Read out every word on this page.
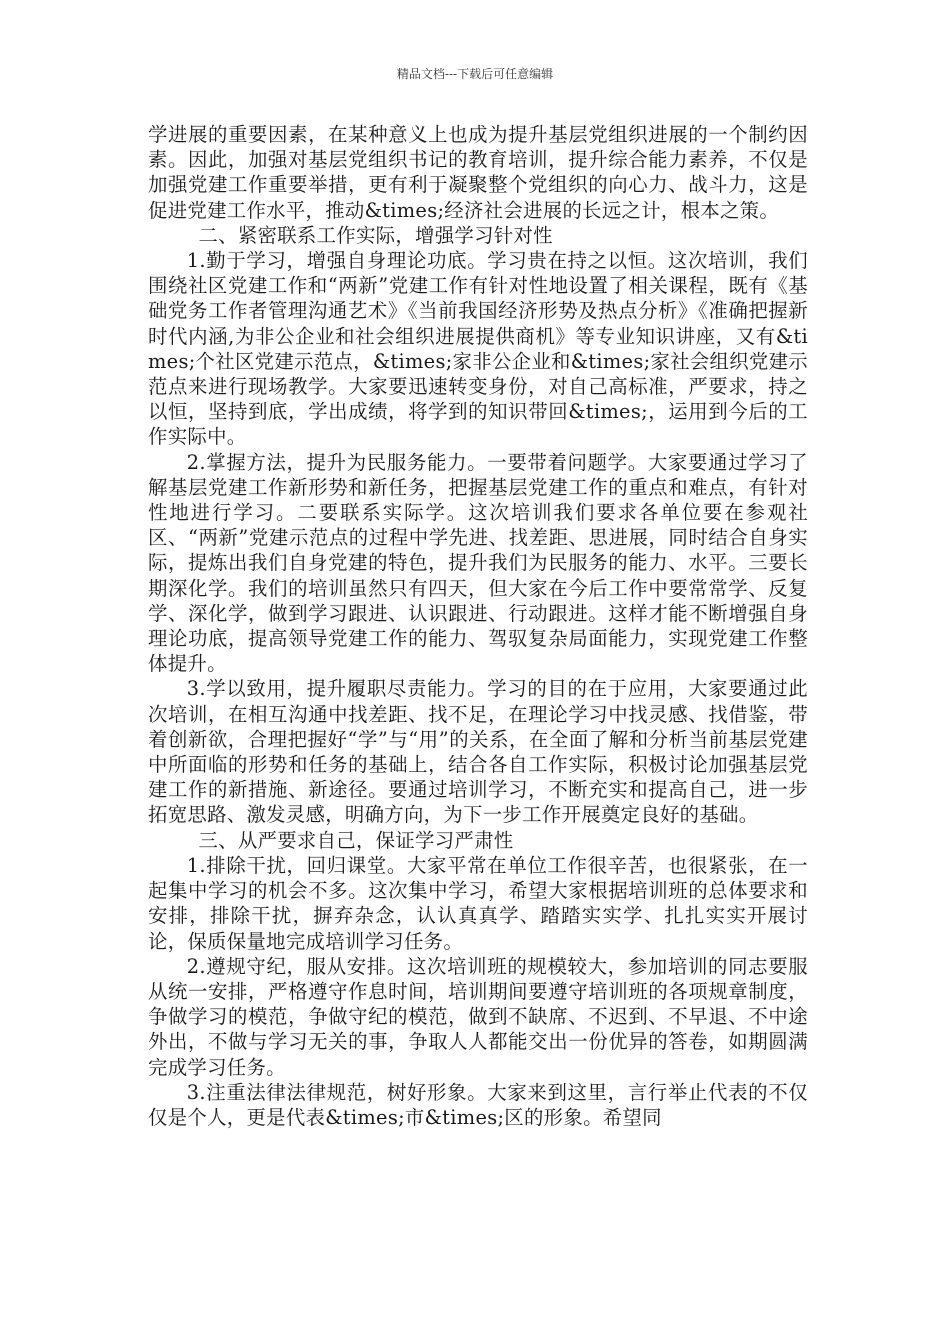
精品文档---下载后可任意编辑

学进展的重要因素，在某种意义上也成为提升基层党组织进展的一个制约因素。因此，加强对基层党组织书记的教育培训，提升综合能力素养，不仅是加强党建工作重要举措，更有利于凝聚整个党组织的向心力、战斗力，这是促进党建工作水平，推动&times;经济社会进展的长远之计，根本之策。

二、紧密联系工作实际，增强学习针对性

1.勤于学习，增强自身理论功底。学习贵在持之以恒。这次培训，我们围绕社区党建工作和“两新”党建工作有针对性地设置了相关课程，既有《基础党务工作者管理沟通艺术》《当前我国经济形势及热点分析》《准确把握新时代内涵,为非公企业和社会组织进展提供商机》等专业知识讲座，又有&times;个社区党建示范点，&times;家非公企业和&times;家社会组织党建示范点来进行现场教学。大家要迅速转变身份，对自己高标准，严要求，持之以恒，坚持到底，学出成绩，将学到的知识带回&times;，运用到今后的工作实际中。

2.掌握方法，提升为民服务能力。一要带着问题学。大家要通过学习了解基层党建工作新形势和新任务，把握基层党建工作的重点和难点，有针对性地进行学习。二要联系实际学。这次培训我们要求各单位要在参观社区、“两新”党建示范点的过程中学先进、找差距、思进展，同时结合自身实际，提炼出我们自身党建的特色，提升我们为民服务的能力、水平。三要长期深化学。我们的培训虽然只有四天，但大家在今后工作中要常常学、反复学、深化学，做到学习跟进、认识跟进、行动跟进。这样才能不断增强自身理论功底，提高领导党建工作的能力、驾驭复杂局面能力，实现党建工作整体提升。

3.学以致用，提升履职尽责能力。学习的目的在于应用，大家要通过此次培训，在相互沟通中找差距、找不足，在理论学习中找灵感、找借鉴，带着创新欲，合理把握好“学”与“用”的关系，在全面了解和分析当前基层党建中所面临的形势和任务的基础上，结合各自工作实际，积极讨论加强基层党建工作的新措施、新途径。要通过培训学习，不断充实和提高自己，进一步拓宽思路、激发灵感，明确方向，为下一步工作开展奠定良好的基础。

三、从严要求自己，保证学习严肃性

1.排除干扰，回归课堂。大家平常在单位工作很辛苦，也很紧张，在一起集中学习的机会不多。这次集中学习，希望大家根据培训班的总体要求和安排，排除干扰，摒弃杂念，认认真真学、踏踏实实学、扎扎实实开展讨论，保质保量地完成培训学习任务。

2.遵规守纪，服从安排。这次培训班的规模较大，参加培训的同志要服从统一安排，严格遵守作息时间，培训期间要遵守培训班的各项规章制度，争做学习的模范，争做守纪的模范，做到不缺席、不迟到、不早退、不中途外出，不做与学习无关的事，争取人人都能交出一份优异的答卷，如期圆满完成学习任务。

3.注重法律法律规范，树好形象。大家来到这里，言行举止代表的不仅仅是个人，更是代表&times;市&times;区的形象。希望同
